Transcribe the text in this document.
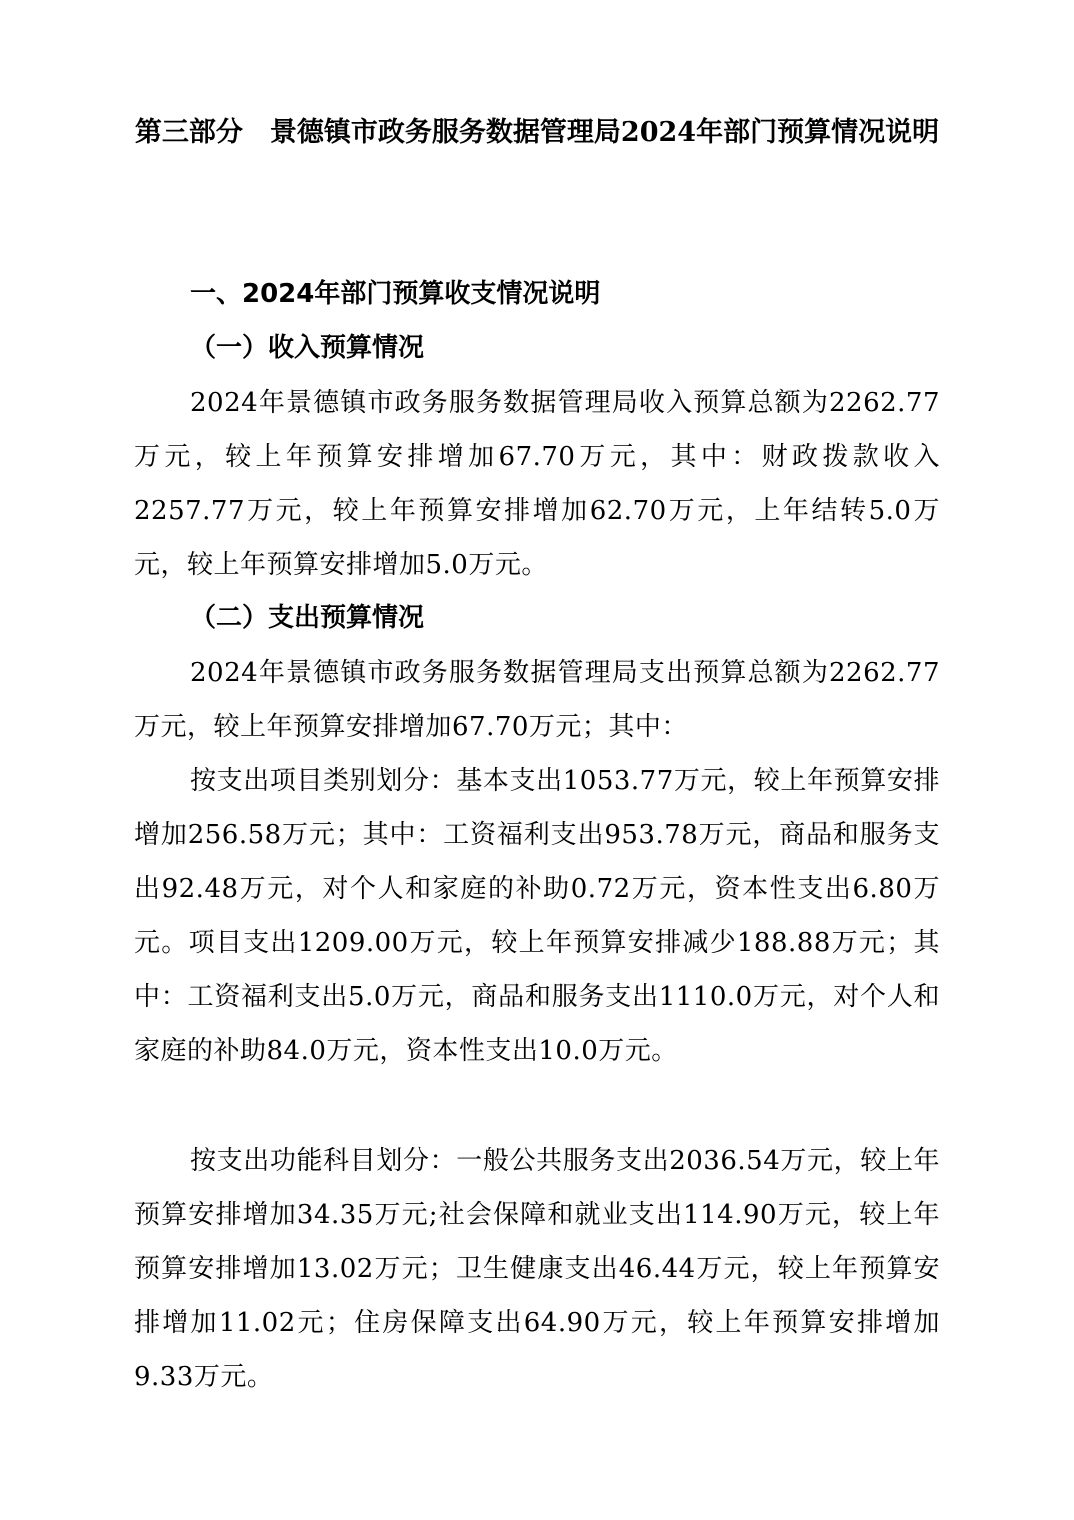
第三部分　景德镇市政务服务数据管理局2024年部门预算情况说明
一、2024年部门预算收支情况说明
（一）收入预算情况

2024年景德镇市政务服务数据管理局收入预算总额为2262.77万元，较上年预算安排增加67.70万元，其中：财政拨款收入2257.77万元，较上年预算安排增加62.70万元，上年结转5.0万元，较上年预算安排增加5.0万元。

（二）支出预算情况

2024年景德镇市政务服务数据管理局支出预算总额为2262.77万元，较上年预算安排增加67.70万元；其中：

按支出项目类别划分：基本支出1053.77万元，较上年预算安排增加256.58万元；其中：工资福利支出953.78万元，商品和服务支出92.48万元，对个人和家庭的补助0.72万元，资本性支出6.80万元。项目支出1209.00万元，较上年预算安排减少188.88万元；其中：工资福利支出5.0万元，商品和服务支出1110.0万元，对个人和家庭的补助84.0万元，资本性支出10.0万元。

按支出功能科目划分：一般公共服务支出2036.54万元，较上年预算安排增加34.35万元;社会保障和就业支出114.90万元，较上年预算安排增加13.02万元；卫生健康支出46.44万元，较上年预算安排增加11.02元；住房保障支出64.90万元，较上年预算安排增加9.33万元。
